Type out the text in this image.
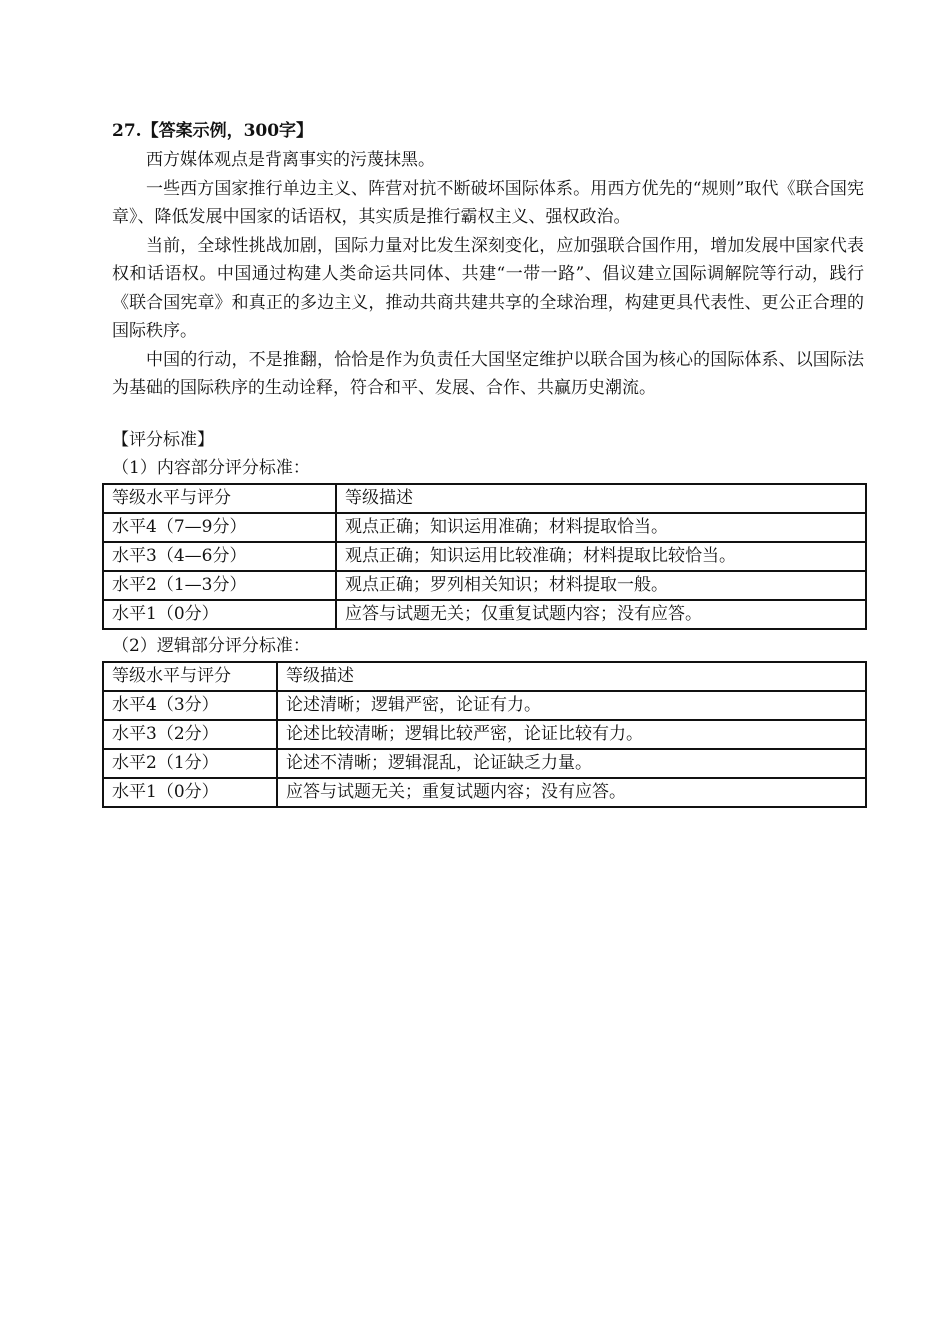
27.【答案示例，300字】

西方媒体观点是背离事实的污蔑抹黑。

一些西方国家推行单边主义、阵营对抗不断破坏国际体系。用西方优先的“规则”取代《联合国宪章》、降低发展中国家的话语权，其实质是推行霸权主义、强权政治。

当前，全球性挑战加剧，国际力量对比发生深刻变化，应加强联合国作用，增加发展中国家代表权和话语权。中国通过构建人类命运共同体、共建“一带一路”、倡议建立国际调解院等行动，践行《联合国宪章》和真正的多边主义，推动共商共建共享的全球治理，构建更具代表性、更公正合理的国际秩序。

中国的行动，不是推翻，恰恰是作为负责任大国坚定维护以联合国为核心的国际体系、以国际法为基础的国际秩序的生动诠释，符合和平、发展、合作、共赢历史潮流。

【评分标准】
（1）内容部分评分标准：
等级水平与评分	等级描述
水平4（7—9分）	观点正确；知识运用准确；材料提取恰当。
水平3（4—6分）	观点正确；知识运用比较准确；材料提取比较恰当。
水平2（1—3分）	观点正确；罗列相关知识；材料提取一般。
水平1（0分）	应答与试题无关；仅重复试题内容；没有应答。
（2）逻辑部分评分标准：
等级水平与评分	等级描述
水平4（3分）	论述清晰；逻辑严密，论证有力。
水平3（2分）	论述比较清晰；逻辑比较严密，论证比较有力。
水平2（1分）	论述不清晰；逻辑混乱，论证缺乏力量。
水平1（0分）	应答与试题无关；重复试题内容；没有应答。
